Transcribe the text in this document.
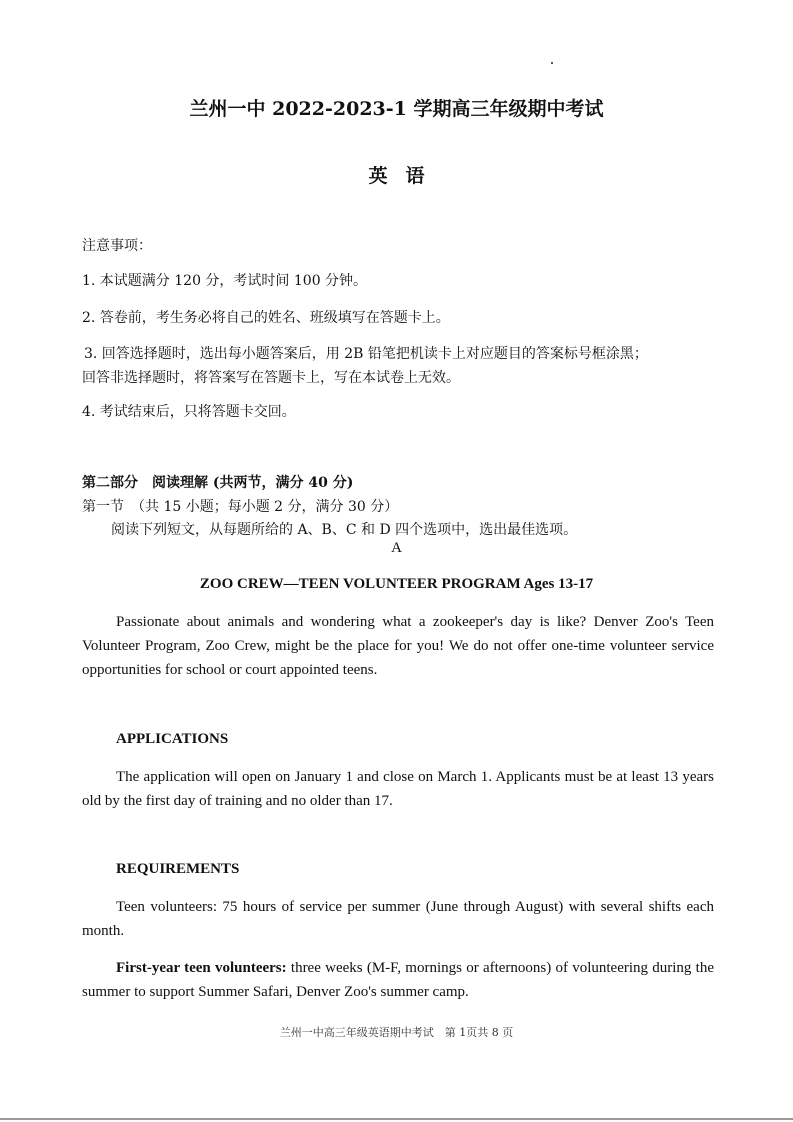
兰州一中 2022-2023-1 学期高三年级期中考试
英语
注意事项：
1. 本试题满分 120 分，考试时间 100 分钟。
2. 答卷前，考生务必将自己的姓名、班级填写在答题卡上。
3. 回答选择题时，选出每小题答案后，用 2B 铅笔把机读卡上对应题目的答案标号框涂黑；
回答非选择题时，将答案写在答题卡上，写在本试卷上无效。
4. 考试结束后，只将答题卡交回。
第二部分　阅读理解 (共两节，满分 40 分)
第一节　（共 15 小题；每小题 2 分，满分 30 分）
阅读下列短文，从每题所给的 A、B、C 和 D 四个选项中，选出最佳选项。
A
ZOO CREW—TEEN VOLUNTEER PROGRAM Ages 13-17

Passionate about animals and wondering what a zookeeper's day is like? Denver Zoo's Teen Volunteer Program, Zoo Crew, might be the place for you! We do not offer one-time volunteer service opportunities for school or court appointed teens.

APPLICATIONS

The application will open on January 1 and close on March 1. Applicants must be at least 13 years old by the first day of training and no older than 17.

REQUIREMENTS

Teen volunteers: 75 hours of service per summer (June through August) with several shifts each month.

First-year teen volunteers: three weeks (M-F, mornings or afternoons) of volunteering during the summer to support Summer Safari, Denver Zoo's summer camp.

兰州一中高三年级英语期中考试　第 1页共 8 页
